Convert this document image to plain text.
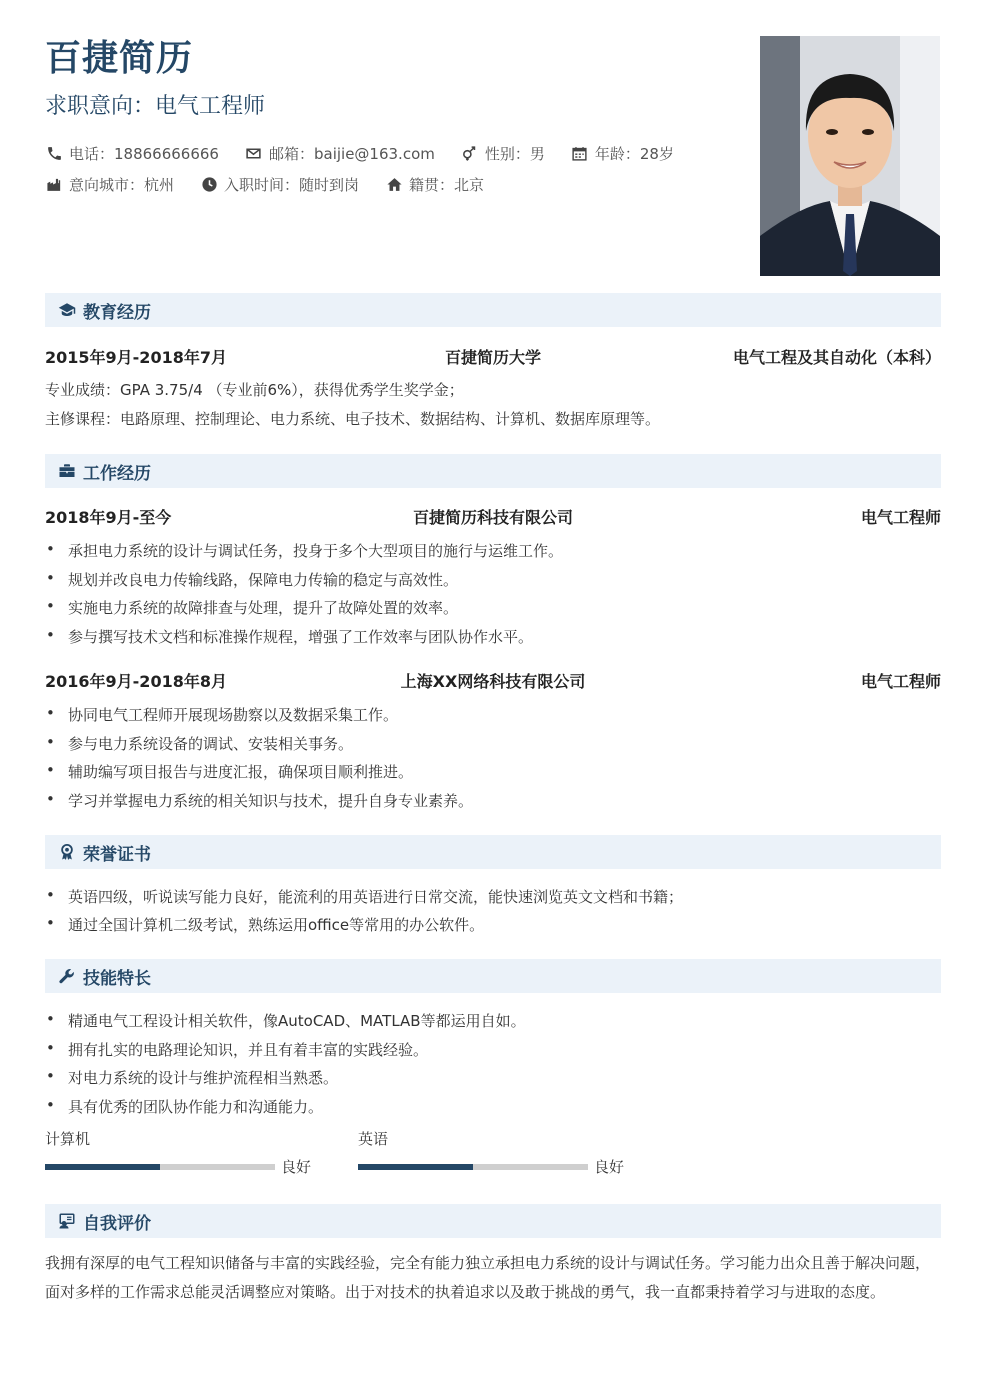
百捷简历
求职意向：电气工程师
电话：18866666666	邮箱：baijie@163.com	性别：男	年龄：28岁
意向城市：杭州	入职时间：随时到岗	籍贯：北京
教育经历
2015年9月-2018年7月	百捷简历大学	电气工程及其自动化（本科）
专业成绩：GPA 3.75/4 （专业前6%），获得优秀学生奖学金；
主修课程：电路原理、控制理论、电力系统、电子技术、数据结构、计算机、数据库原理等。
工作经历
2018年9月-至今	百捷简历科技有限公司	电气工程师
• 承担电力系统的设计与调试任务，投身于多个大型项目的施行与运维工作。
• 规划并改良电力传输线路，保障电力传输的稳定与高效性。
• 实施电力系统的故障排查与处理，提升了故障处置的效率。
• 参与撰写技术文档和标准操作规程，增强了工作效率与团队协作水平。
2016年9月-2018年8月	上海XX网络科技有限公司	电气工程师
• 协同电气工程师开展现场勘察以及数据采集工作。
• 参与电力系统设备的调试、安装相关事务。
• 辅助编写项目报告与进度汇报，确保项目顺利推进。
• 学习并掌握电力系统的相关知识与技术，提升自身专业素养。
荣誉证书
• 英语四级，听说读写能力良好，能流利的用英语进行日常交流，能快速浏览英文文档和书籍；
• 通过全国计算机二级考试，熟练运用office等常用的办公软件。
技能特长
• 精通电气工程设计相关软件，像AutoCAD、MATLAB等都运用自如。
• 拥有扎实的电路理论知识，并且有着丰富的实践经验。
• 对电力系统的设计与维护流程相当熟悉。
• 具有优秀的团队协作能力和沟通能力。
计算机
良好
英语
良好
自我评价
我拥有深厚的电气工程知识储备与丰富的实践经验，完全有能力独立承担电力系统的设计与调试任务。学习能力出众且善于解决问题，面对多样的工作需求总能灵活调整应对策略。出于对技术的执着追求以及敢于挑战的勇气，我一直都秉持着学习与进取的态度。
